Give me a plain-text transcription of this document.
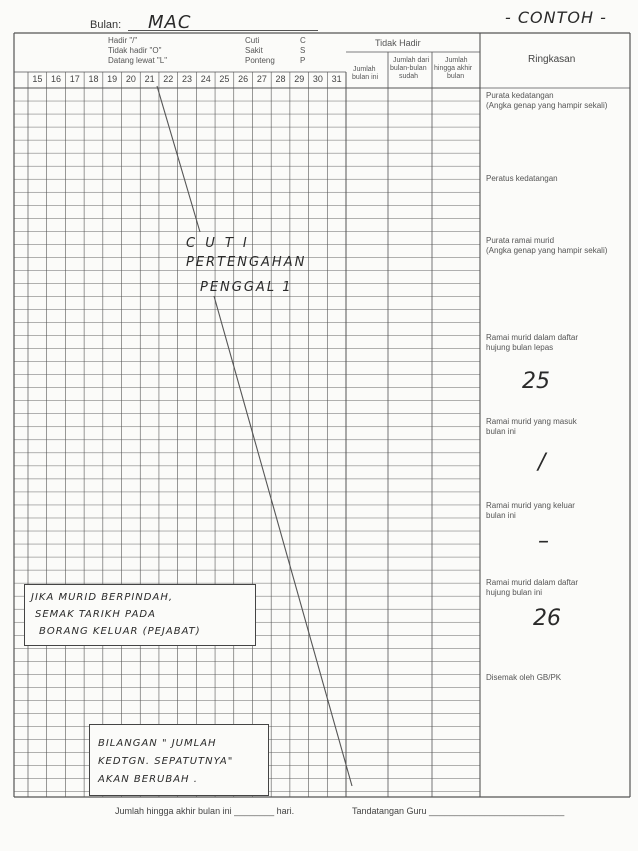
Bulan: MAC	- CONTOH -
Hadir "/"
Tidak hadir "O"
Datang lewat "L"
Cuti
Sakit
Ponteng
C
S
P
15 16 17 18 19 20 21 22 23 24 25 26 27 28 29 30 31
Tidak Hadir
Jumlah
bulan ini
Jumlah dari
bulan-bulan
sudah
Jumlah
hingga akhir
bulan
Ringkasan
Purata kedatangan
(Angka genap yang hampir sekali)
Peratus kedatangan
Purata ramai murid
(Angka genap yang hampir sekali)
Ramai murid dalam daftar
hujung bulan lepas
25
Ramai murid yang masuk
bulan ini
/
Ramai murid yang keluar
bulan ini
–
Ramai murid dalam daftar
hujung bulan ini
26
Disemak oleh GB/PK
C U T I
PERTENGAHAN
PENGGAL 1
JIKA MURID BERPINDAH,
SEMAK TARIKH PADA
BORANG KELUAR (PEJABAT)
BILANGAN " JUMLAH
KEDTGN. SEPATUTNYA"
AKAN BERUBAH .
Jumlah hingga akhir bulan ini ________ hari.	Tandatangan Guru ___________________________
